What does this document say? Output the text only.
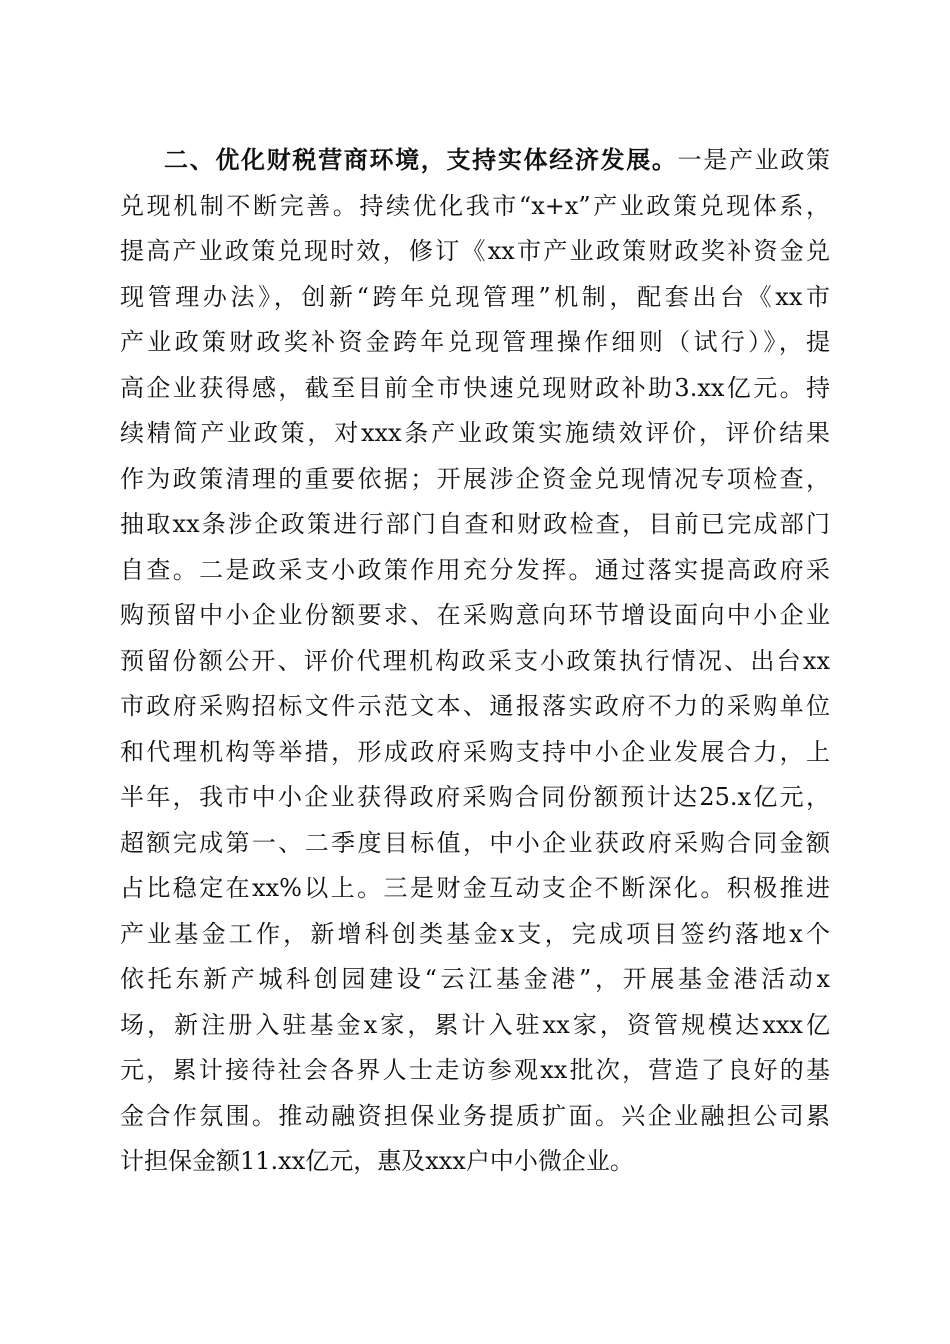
二、优化财税营商环境，支持实体经济发展。一是产业政策
兑现机制不断完善。持续优化我市“x+x”产业政策兑现体系，
提高产业政策兑现时效，修订《xx市产业政策财政奖补资金兑
现管理办法》，创新“跨年兑现管理”机制，配套出台《xx市
产业政策财政奖补资金跨年兑现管理操作细则（试行）》，提
高企业获得感，截至目前全市快速兑现财政补助3.xx亿元。持
续精简产业政策，对xxx条产业政策实施绩效评价，评价结果
作为政策清理的重要依据；开展涉企资金兑现情况专项检查，
抽取xx条涉企政策进行部门自查和财政检查，目前已完成部门
自查。二是政采支小政策作用充分发挥。通过落实提高政府采
购预留中小企业份额要求、在采购意向环节增设面向中小企业
预留份额公开、评价代理机构政采支小政策执行情况、出台xx
市政府采购招标文件示范文本、通报落实政府不力的采购单位
和代理机构等举措，形成政府采购支持中小企业发展合力，上
半年，我市中小企业获得政府采购合同份额预计达25.x亿元，
超额完成第一、二季度目标值，中小企业获政府采购合同金额
占比稳定在xx%以上。三是财金互动支企不断深化。积极推进
产业基金工作，新增科创类基金x支，完成项目签约落地x个
依托东新产城科创园建设“云江基金港”，开展基金港活动x
场，新注册入驻基金x家，累计入驻xx家，资管规模达xxx亿
元，累计接待社会各界人士走访参观xx批次，营造了良好的基
金合作氛围。推动融资担保业务提质扩面。兴企业融担公司累
计担保金额11.xx亿元，惠及xxx户中小微企业。
